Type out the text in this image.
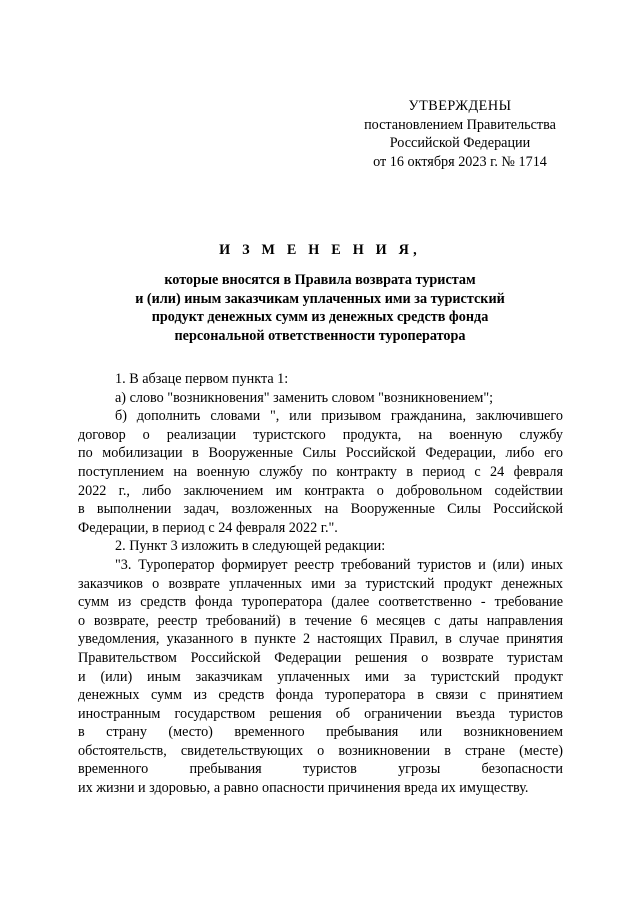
УТВЕРЖДЕНЫ
постановлением Правительства
Российской Федерации
от 16 октября 2023 г. № 1714
И З М Е Н Е Н И Я,
которые вносятся в Правила возврата туристам
и (или) иным заказчикам уплаченных ими за туристский
продукт денежных сумм из денежных средств фонда
персональной ответственности туроператора
1. В абзаце первом пункта 1:
а) слово "возникновения" заменить словом "возникновением";
б) дополнить словами ", или призывом гражданина, заключившего
договор о реализации туристского продукта, на военную службу
по мобилизации в Вооруженные Силы Российской Федерации, либо его
поступлением на военную службу по контракту в период с 24 февраля
2022 г., либо заключением им контракта о добровольном содействии
в выполнении задач, возложенных на Вооруженные Силы Российской
Федерации, в период с 24 февраля 2022 г.".
2. Пункт 3 изложить в следующей редакции:
"3. Туроператор формирует реестр требований туристов и (или) иных
заказчиков о возврате уплаченных ими за туристский продукт денежных
сумм из средств фонда туроператора (далее соответственно - требование
о возврате, реестр требований) в течение 6 месяцев с даты направления
уведомления, указанного в пункте 2 настоящих Правил, в случае принятия
Правительством Российской Федерации решения о возврате туристам
и (или) иным заказчикам уплаченных ими за туристский продукт
денежных сумм из средств фонда туроператора в связи с принятием
иностранным государством решения об ограничении въезда туристов
в страну (место) временного пребывания или возникновением
обстоятельств, свидетельствующих о возникновении в стране (месте)
временного пребывания туристов угрозы безопасности
их жизни и здоровью, а равно опасности причинения вреда их имуществу.
